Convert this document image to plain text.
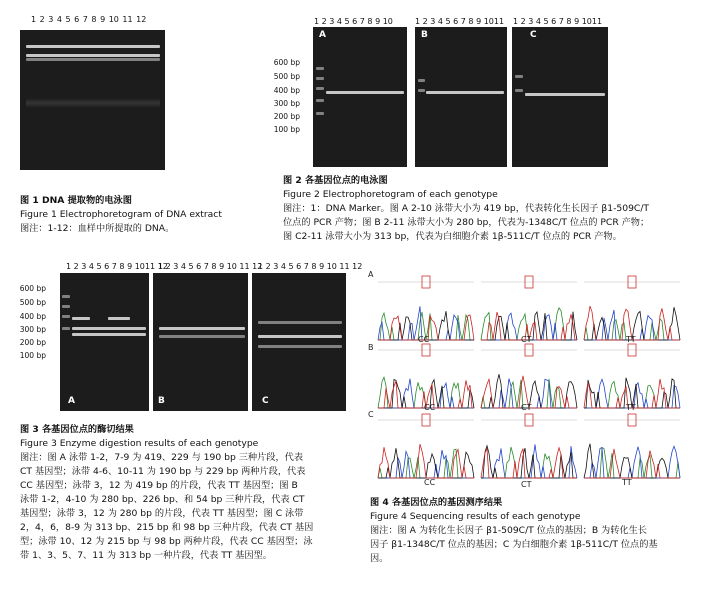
1 2 3 4 5 6 7 8 9 10 11 12
图 1 DNA 提取物的电泳图
Figure 1 Electrophoretogram of DNA extract
图注：1-12：血样中所提取的 DNA。
1 2 3 4 5 6 7 8 9 10	1 2 3 4 5 6 7 8 9 1011 1 2 3 4 5 6 7 8 9 1011
600 bp
500 bp
400 bp
300 bp
200 bp
100 bp
A	B	C
图 2 各基因位点的电泳图
Figure 2 Electrophoretogram of each genotype
图注：1：DNA Marker。图 A 2-10 泳带大小为 419 bp，代表转化生长因子 β1-509C/T
位点的 PCR 产物；图 B 2-11 泳带大小为 280 bp，代表为-1348C/T 位点的 PCR 产物；
图 C2-11 泳带大小为 313 bp，代表为白细胞介素 1β-511C/T 位点的 PCR 产物。
1 2 3 4 5 6 7 8 9 1011 12
1 2 3 4 5 6 7 8 9 10 11 12
1 2 3 4 5 6 7 8 9 10 11 12
600 bp
500 bp
400 bp
300 bp
200 bp
100 bp
A	B	C
图 3 各基因位点的酶切结果
Figure 3 Enzyme digestion results of each genotype
图注：图 A 泳带 1-2，7-9 为 419、229 与 190 bp 三种片段，代表
CT 基因型；泳带 4-6、10-11 为 190 bp 与 229 bp 两种片段，代表
CC 基因型；泳带 3，12 为 419 bp 的片段，代表 TT 基因型；图 B
泳带 1-2，4-10 为 280 bp、226 bp、和 54 bp 三种片段，代表 CT
基因型；泳带 3，12 为 280 bp 的片段，代表 TT 基因型；图 C 泳带
2，4，6，8-9 为 313 bp、215 bp 和 98 bp 三种片段，代表 CT 基因
型；泳带 10、12 为 215 bp 与 98 bp 两种片段，代表 CC 基因型；泳
带 1、3、5、7、11 为 313 bp 一种片段，代表 TT 基因型。
A
B
C
CC	CT	TT
CC	CT	TT
CC	CT	TT
图 4 各基因位点的基因测序结果
Figure 4 Sequencing results of each genotype
图注：图 A 为转化生长因子 β1-509C/T 位点的基因；B 为转化生长
因子 β1-1348C/T 位点的基因；C 为白细胞介素 1β-511C/T 位点的基
因。
